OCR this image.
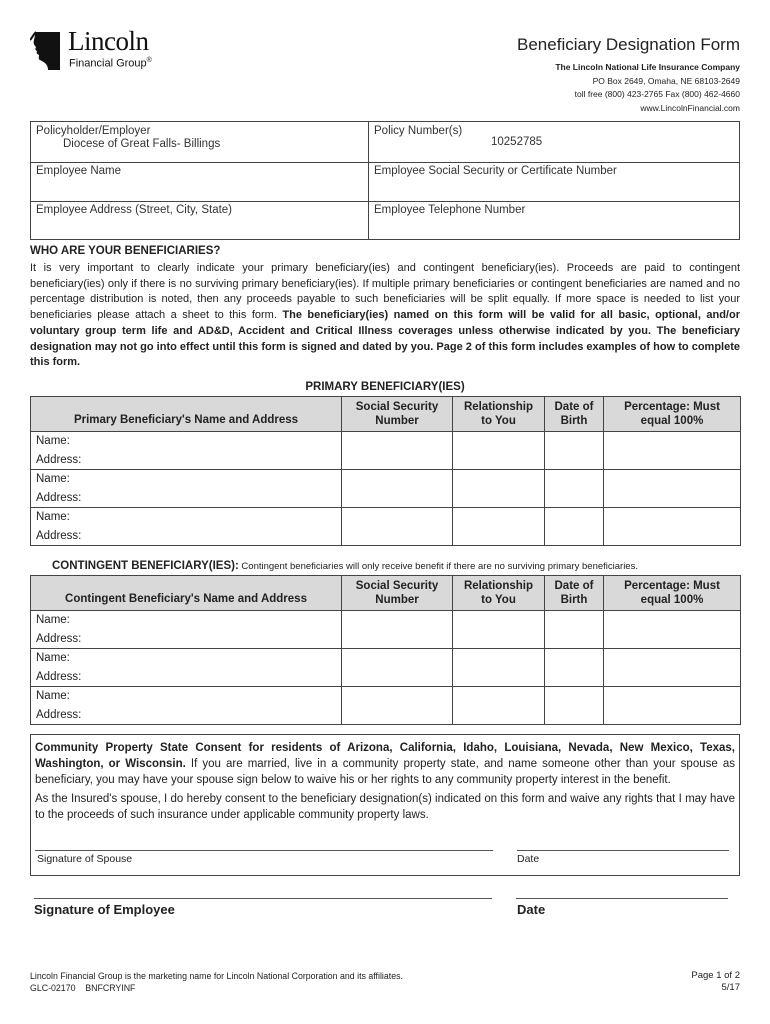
Lincoln
Financial Group®
Beneficiary Designation Form
The Lincoln National Life Insurance Company
PO Box 2649, Omaha, NE 68103-2649
toll free (800) 423-2765 Fax (800) 462-4660
www.LincolnFinancial.com
Policyholder/Employer
Diocese of Great Falls- Billings
Policy Number(s)
10252785
Employee Name	Employee Social Security or Certificate Number
Employee Address (Street, City, State)	Employee Telephone Number
WHO ARE YOUR BENEFICIARIES?
It is very important to clearly indicate your primary beneficiary(ies) and contingent beneficiary(ies). Proceeds are paid to contingent beneficiary(ies) only if there is no surviving primary beneficiary(ies). If multiple primary beneficiaries or contingent beneficiaries are named and no percentage distribution is noted, then any proceeds payable to such beneficiaries will be split equally. If more space is needed to list your beneficiaries please attach a sheet to this form. The beneficiary(ies) named on this form will be valid for all basic, optional, and/or voluntary group term life and AD&D, Accident and Critical Illness coverages unless otherwise indicated by you. The beneficiary designation may not go into effect until this form is signed and dated by you. Page 2 of this form includes examples of how to complete this form.
PRIMARY BENEFICIARY(IES)
Primary Beneficiary's Name and Address	Social Security Number	Relationship to You	Date of Birth	Percentage: Must equal 100%
Name:				
Address:				
Name:				
Address:				
Name:				
Address:				
CONTINGENT BENEFICIARY(IES): Contingent beneficiaries will only receive benefit if there are no surviving primary beneficiaries.
Contingent Beneficiary's Name and Address	Social Security Number	Relationship to You	Date of Birth	Percentage: Must equal 100%
Name:				
Address:				
Name:				
Address:				
Name:				
Address:				
Community Property State Consent for residents of Arizona, California, Idaho, Louisiana, Nevada, New Mexico, Texas, Washington, or Wisconsin. If you are married, live in a community property state, and name someone other than your spouse as beneficiary, you may have your spouse sign below to waive his or her rights to any community property interest in the benefit.
As the Insured's spouse, I do hereby consent to the beneficiary designation(s) indicated on this form and waive any rights that I may have to the proceeds of such insurance under applicable community property laws.
Signature of Spouse	Date
Signature of Employee	Date
Lincoln Financial Group is the marketing name for Lincoln National Corporation and its affiliates.
GLC-02170    BNFCRYINF
Page 1 of 2
5/17
